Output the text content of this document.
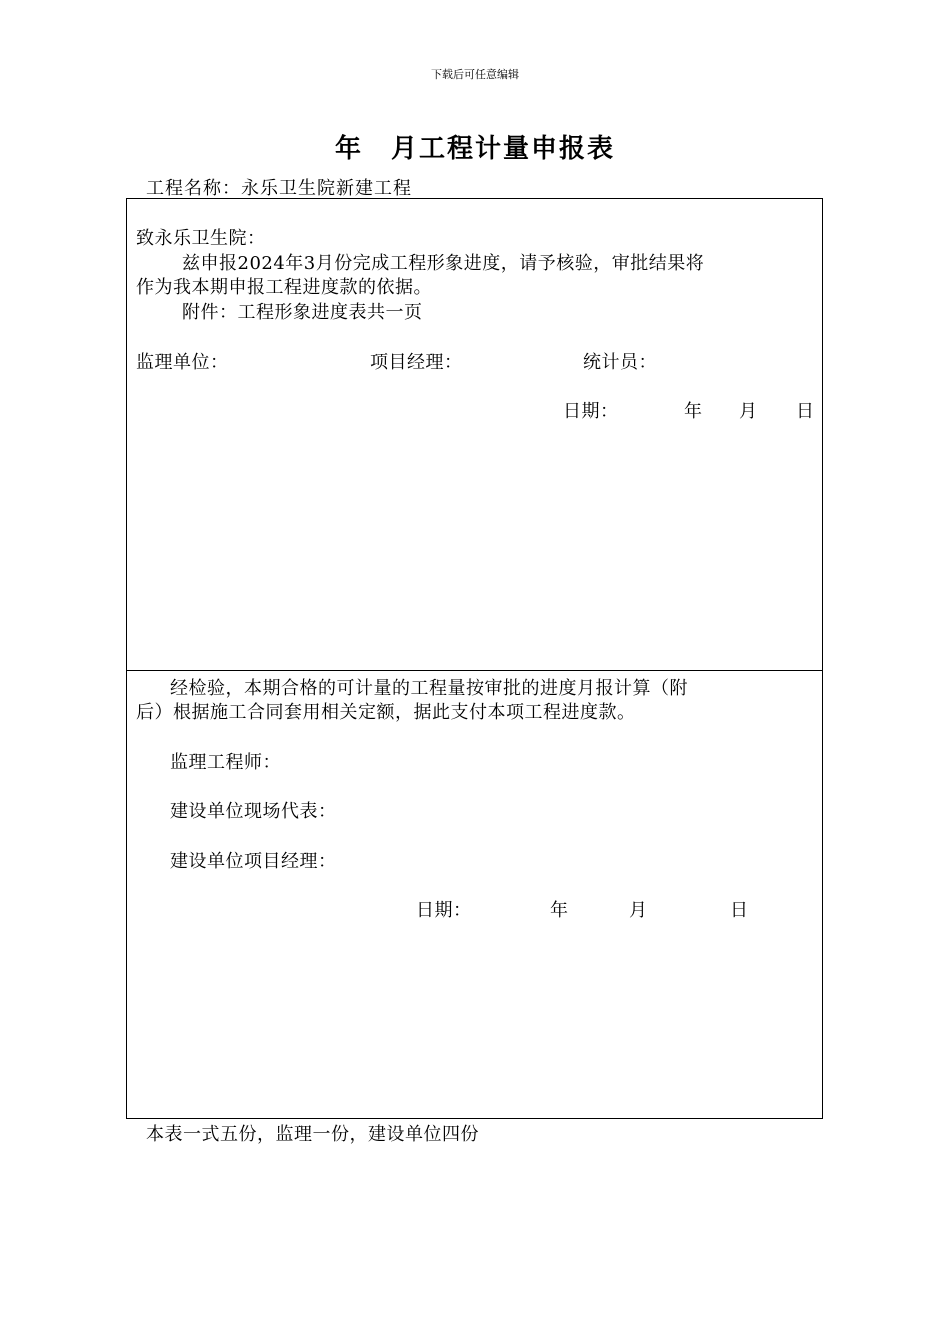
下载后可任意编辑
年　月工程计量申报表
工程名称：永乐卫生院新建工程
致永乐卫生院：
兹申报2024年3月份完成工程形象进度，请予核验，审批结果将
作为我本期申报工程进度款的依据。
附件：工程形象进度表共一页
监理单位：	项目经理：	统计员：
日期：	年 月 日
经检验，本期合格的可计量的工程量按审批的进度月报计算（附
后）根据施工合同套用相关定额，据此支付本项工程进度款。
监理工程师：
建设单位现场代表：
建设单位项目经理：
日期：	年	月	日
本表一式五份，监理一份，建设单位四份
